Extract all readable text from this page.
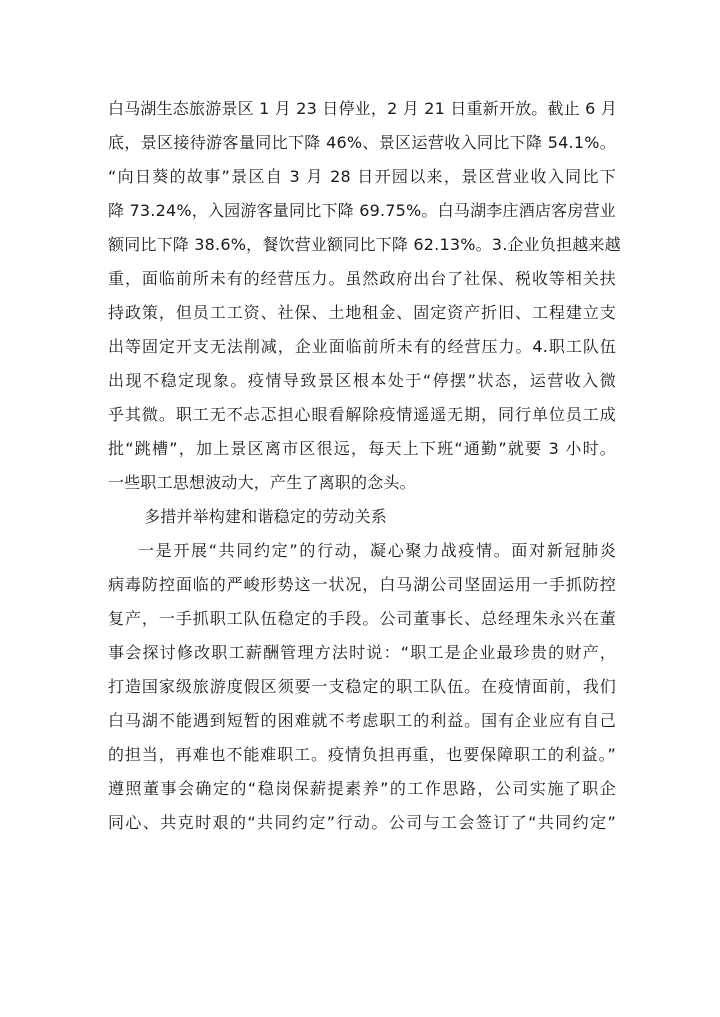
白马湖生态旅游景区 1 月 23 日停业，2 月 21 日重新开放。截止 6 月
底，景区接待游客量同比下降 46%、景区运营收入同比下降 54.1%。
“向日葵的故事”景区自 3 月 28 日开园以来，景区营业收入同比下
降 73.24%，入园游客量同比下降 69.75%。白马湖李庄酒店客房营业
额同比下降 38.6%，餐饮营业额同比下降 62.13%。3.企业负担越来越
重，面临前所未有的经营压力。虽然政府出台了社保、税收等相关扶
持政策，但员工工资、社保、土地租金、固定资产折旧、工程建立支
出等固定开支无法削减，企业面临前所未有的经营压力。4.职工队伍
出现不稳定现象。疫情导致景区根本处于“停摆”状态，运营收入微
乎其微。职工无不忐忑担心眼看解除疫情遥遥无期，同行单位员工成
批“跳槽”，加上景区离市区很远，每天上下班“通勤”就要 3 小时。
一些职工思想波动大，产生了离职的念头。
多措并举构建和谐稳定的劳动关系
一是开展“共同约定”的行动，凝心聚力战疫情。面对新冠肺炎
病毒防控面临的严峻形势这一状况，白马湖公司坚固运用一手抓防控
复产，一手抓职工队伍稳定的手段。公司董事长、总经理朱永兴在董
事会探讨修改职工薪酬管理方法时说：“职工是企业最珍贵的财产，
打造国家级旅游度假区须要一支稳定的职工队伍。在疫情面前，我们
白马湖不能遇到短暂的困难就不考虑职工的利益。国有企业应有自己
的担当，再难也不能难职工。疫情负担再重，也要保障职工的利益。”
遵照董事会确定的“稳岗保薪提素养”的工作思路，公司实施了职企
同心、共克时艰的“共同约定”行动。公司与工会签订了“共同约定”
